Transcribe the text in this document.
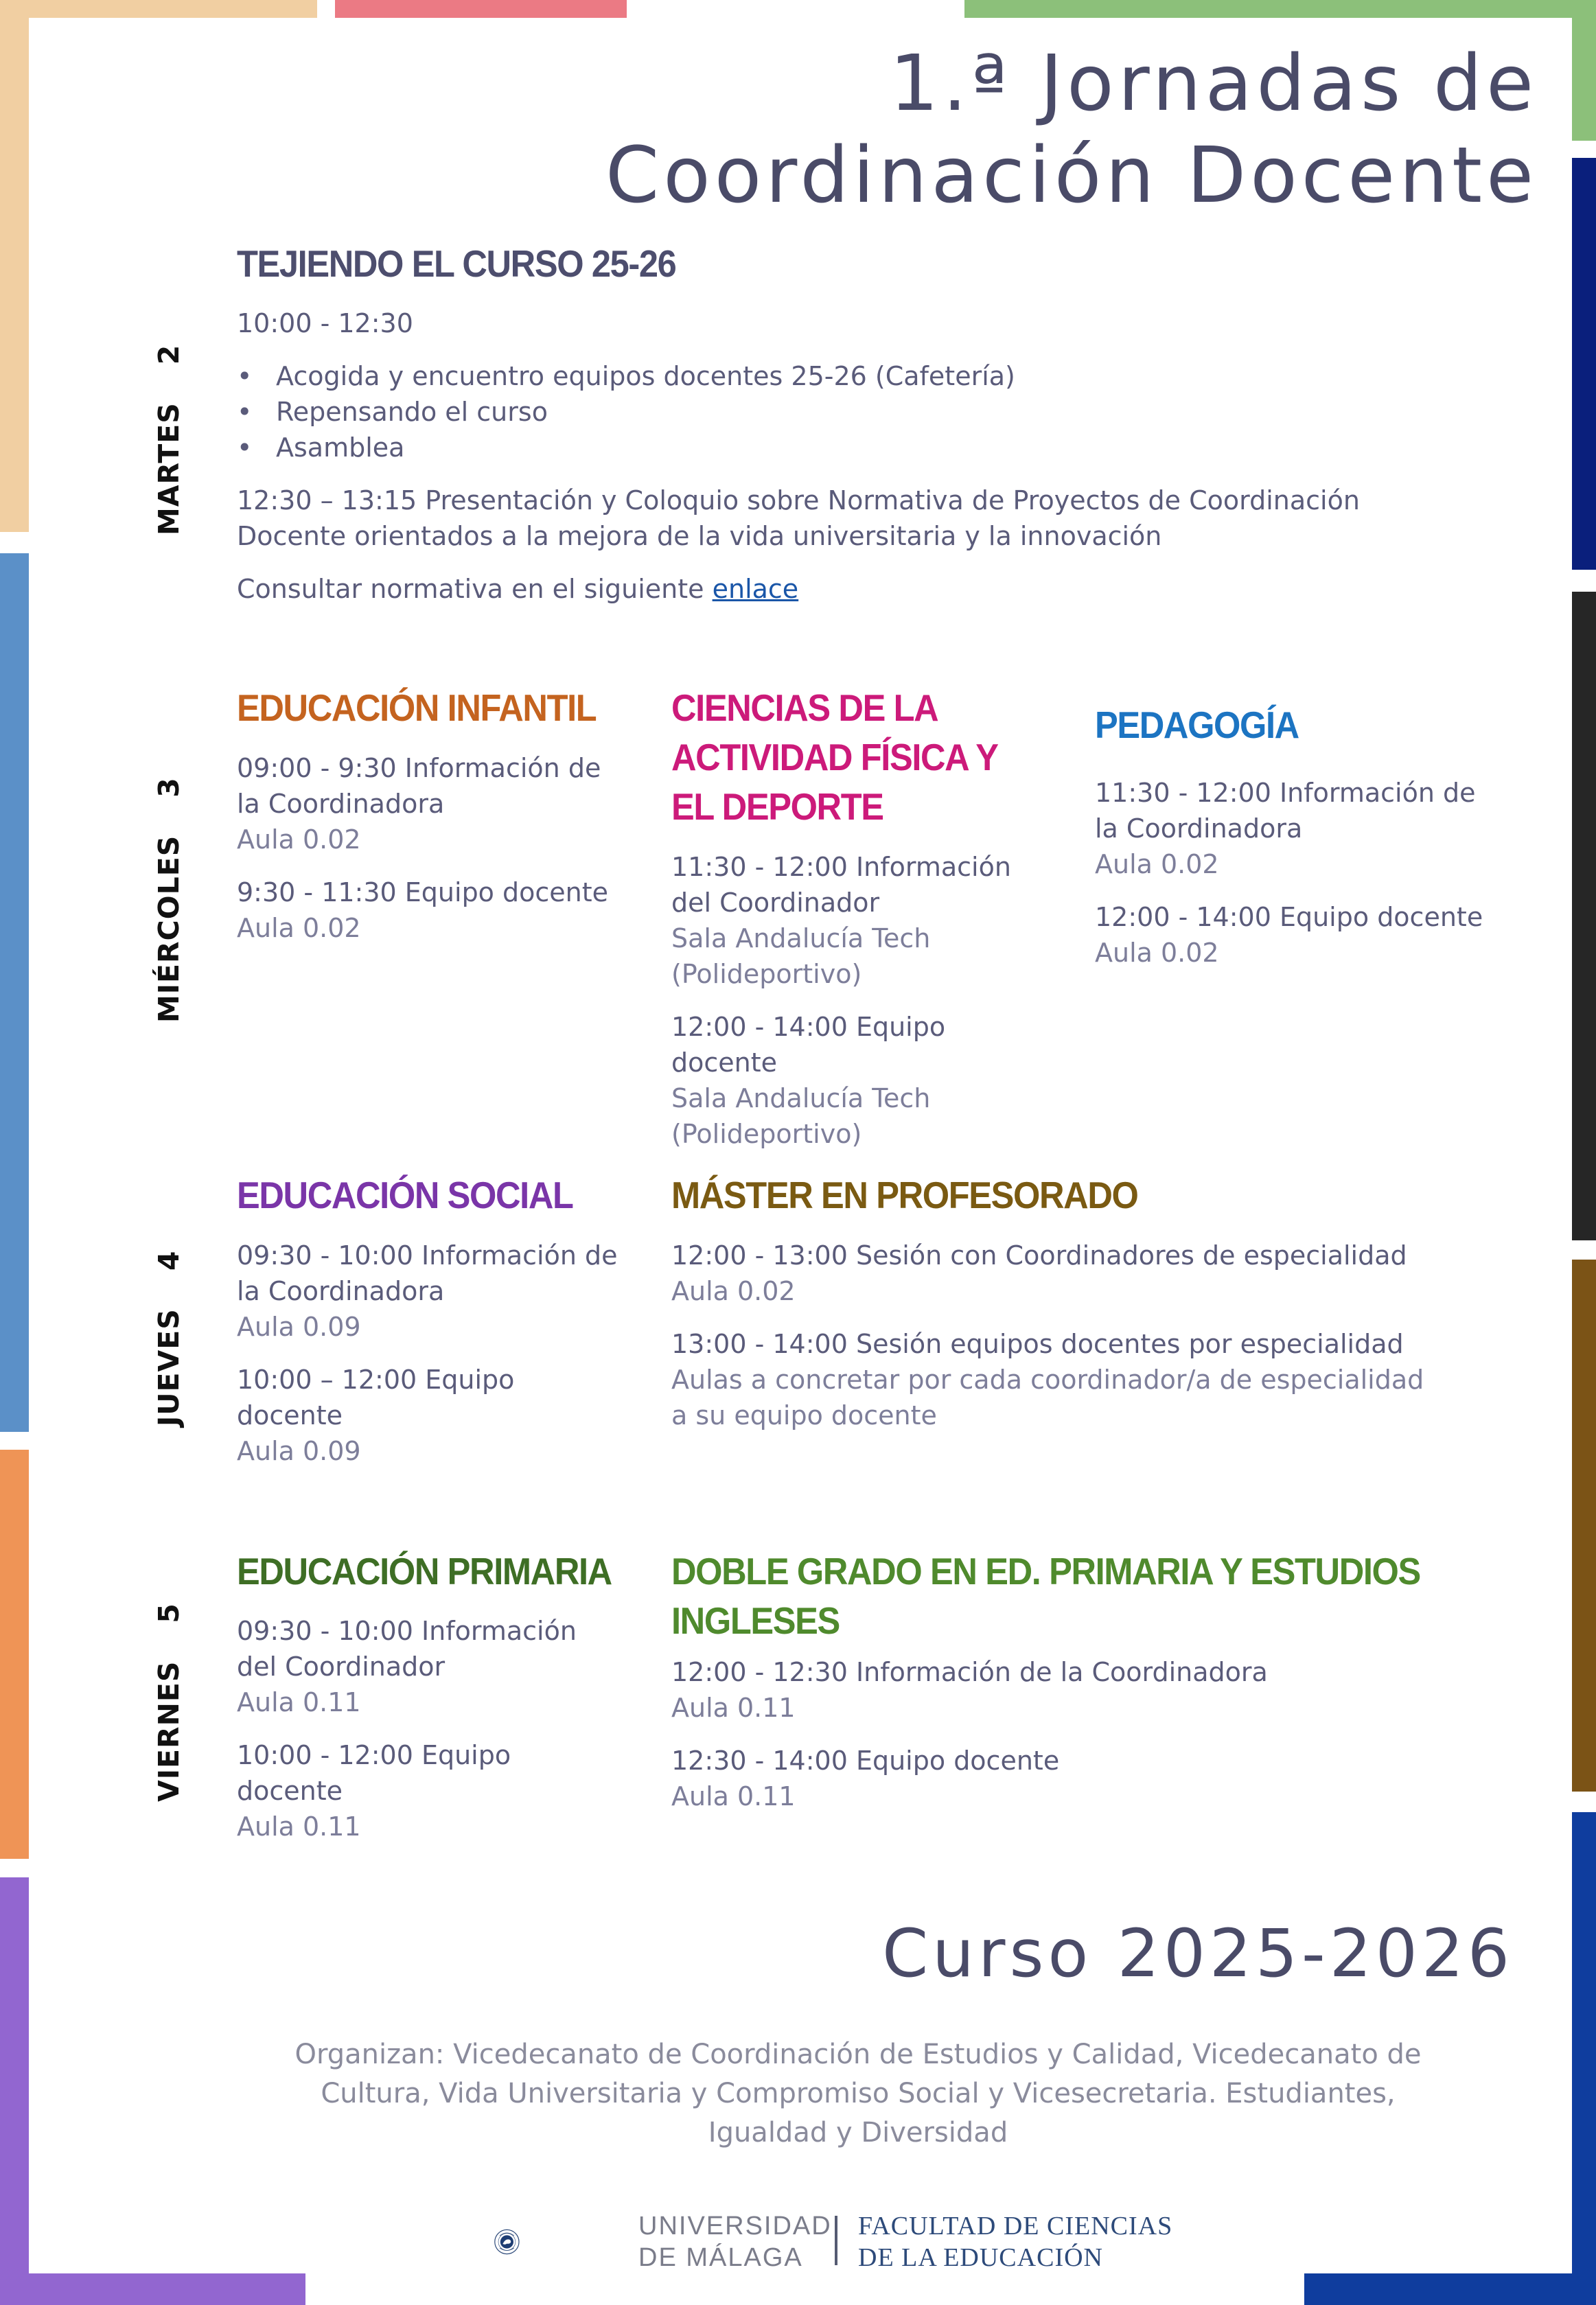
1.ª Jornadas de
Coordinación Docente
MARTES2
MIÉRCOLES3
JUEVES4
VIERNES5
TEJIENDO EL CURSO 25-26

10:00 - 12:30

• Acogida y encuentro equipos docentes 25-26 (Cafetería)
• Repensando el curso
• Asamblea

12:30 – 13:15 Presentación y Coloquio sobre Normativa de Proyectos de Coordinación Docente orientados a la mejora de la vida universitaria y la innovación

Consultar normativa en el siguiente enlace

EDUCACIÓN INFANTIL

09:00 - 9:30 Información de la Coordinadora

Aula 0.02

9:30 - 11:30 Equipo docente

Aula 0.02

CIENCIAS DE LA
ACTIVIDAD FÍSICA Y
EL DEPORTE

11:30 - 12:00 Información del Coordinador

Sala Andalucía Tech (Polideportivo)

12:00 - 14:00 Equipo docente

Sala Andalucía Tech (Polideportivo)

PEDAGOGÍA

11:30 - 12:00 Información de la Coordinadora

Aula 0.02

12:00 - 14:00 Equipo docente

Aula 0.02

EDUCACIÓN SOCIAL

09:30 - 10:00 Información de la Coordinadora

Aula 0.09

10:00 – 12:00 Equipo docente

Aula 0.09

MÁSTER EN PROFESORADO

12:00 - 13:00 Sesión con Coordinadores de especialidad

Aula 0.02

13:00 - 14:00 Sesión equipos docentes por especialidad

Aulas a concretar por cada coordinador/a de especialidad a su equipo docente

EDUCACIÓN PRIMARIA

09:30 - 10:00 Información del Coordinador

Aula 0.11

10:00 - 12:00 Equipo docente

Aula 0.11

DOBLE GRADO EN ED. PRIMARIA Y ESTUDIOS
INGLESES

12:00 - 12:30 Información de la Coordinadora

Aula 0.11

12:30 - 14:00 Equipo docente

Aula 0.11

Curso 2025-2026
Organizan: Vicedecanato de Coordinación de Estudios y Calidad, Vicedecanato de Cultura, Vida Universitaria y Compromiso Social y Vicesecretaria. Estudiantes, Igualdad y Diversidad
UNIVERSIDAD
DE MÁLAGA
FACULTAD DE CIENCIAS
DE LA EDUCACIÓN
